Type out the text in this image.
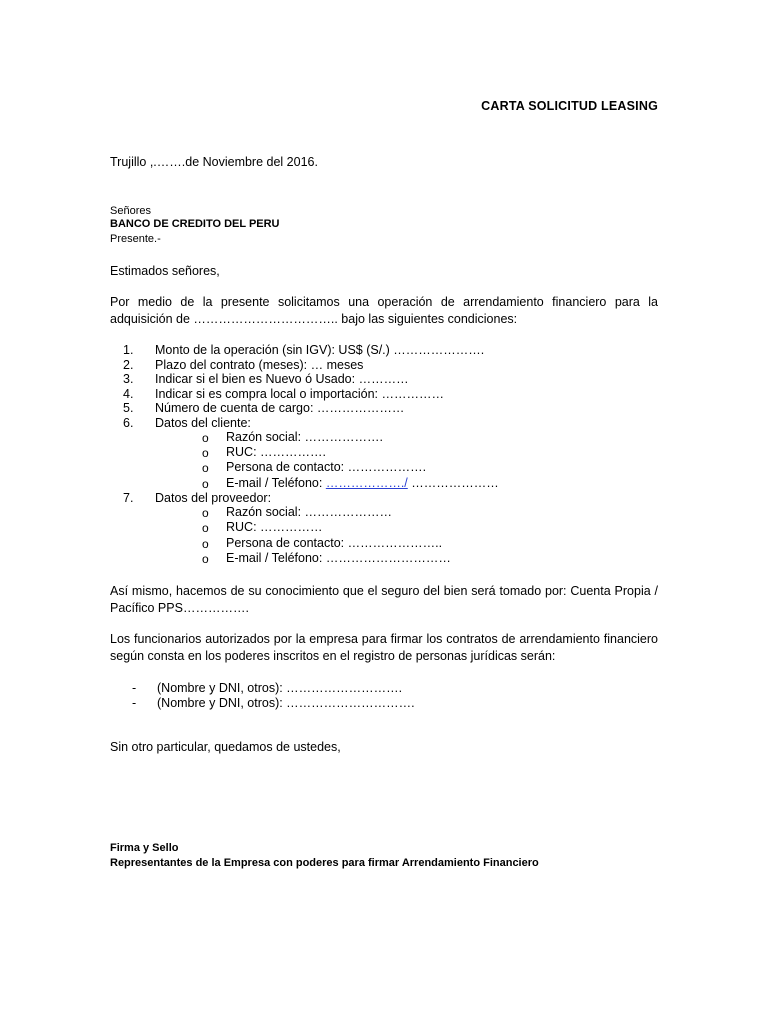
CARTA SOLICITUD LEASING
Trujillo ,.…….de Noviembre del 2016.
Señores
BANCO DE CREDITO DEL PERU
Presente.-
Estimados señores,
Por medio de la presente solicitamos una operación de arrendamiento financiero para la adquisición de …………………………….. bajo las siguientes condiciones:
1. Monto de la operación (sin IGV): US$ (S/.) ………………….
2. Plazo del contrato (meses): … meses
3. Indicar si el bien es Nuevo ó Usado: …………
4. Indicar si es compra local o importación: ……………
5. Número de cuenta de cargo: …………………
6. Datos del cliente:
o Razón social: ……………….
o RUC: …………….
o Persona de contacto: ……………….
o E-mail / Teléfono: ………………./ …………………
7. Datos del proveedor:
o Razón social: …………………
o RUC: ……………
o Persona de contacto: …………………..
o E-mail / Teléfono: …………………………
Así mismo, hacemos de su conocimiento que el seguro del bien será tomado por: Cuenta Propia / Pacífico PPS…………….
Los funcionarios autorizados por la empresa para firmar los contratos de arrendamiento financiero según consta en los poderes inscritos en el registro de personas jurídicas serán:
- (Nombre y DNI, otros): ……………………….
- (Nombre y DNI, otros): ………………………….
Sin otro particular, quedamos de ustedes,
Firma y Sello
Representantes de la Empresa con poderes para firmar Arrendamiento Financiero
